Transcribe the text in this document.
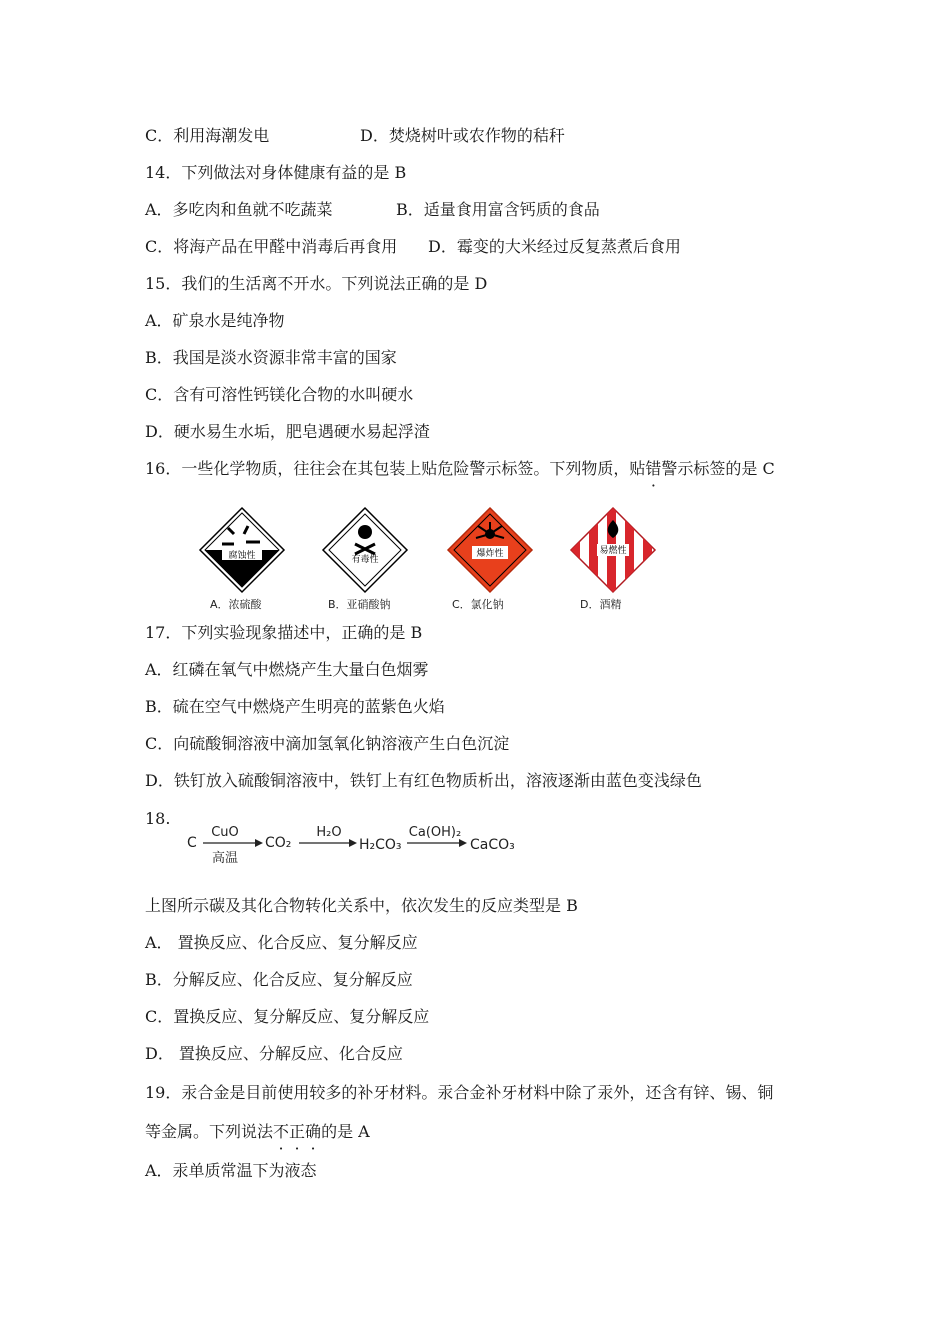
C．利用海潮发电	D．焚烧树叶或农作物的秸秆
14．下列做法对身体健康有益的是 B
A．多吃肉和鱼就不吃蔬菜	B．适量食用富含钙质的食品
C．将海产品在甲醛中消毒后再食用 D．霉变的大米经过反复蒸煮后食用
15．我们的生活离不开水。下列说法正确的是 D
A．矿泉水是纯净物
B．我国是淡水资源非常丰富的国家
C．含有可溶性钙镁化合物的水叫硬水
D．硬水易生水垢，肥皂遇硬水易起浮渣
16．一些化学物质，往往会在其包装上贴危险警示标签。下列物质，贴错警示标签的是 C
腐蚀性
A．浓硫酸
有毒性
B．亚硝酸钠
爆炸性
C．氯化钠
易燃性
D．酒精
17．下列实验现象描述中，正确的是 B
A．红磷在氧气中燃烧产生大量白色烟雾
B．硫在空气中燃烧产生明亮的蓝紫色火焰
C．向硫酸铜溶液中滴加氢氧化钠溶液产生白色沉淀
D．铁钉放入硫酸铜溶液中，铁钉上有红色物质析出，溶液逐渐由蓝色变浅绿色
18.
C
CuO
高温
CO₂
H₂O
H₂CO₃
Ca(OH)₂
CaCO₃
上图所示碳及其化合物转化关系中，依次发生的反应类型是 B
A． 置换反应、化合反应、复分解反应
B．分解反应、化合反应、复分解反应
C．置换反应、复分解反应、复分解反应
D． 置换反应、分解反应、化合反应
19．汞合金是目前使用较多的补牙材料。汞合金补牙材料中除了汞外，还含有锌、锡、铜
等金属。下列说法不正确的是 A
A．汞单质常温下为液态
